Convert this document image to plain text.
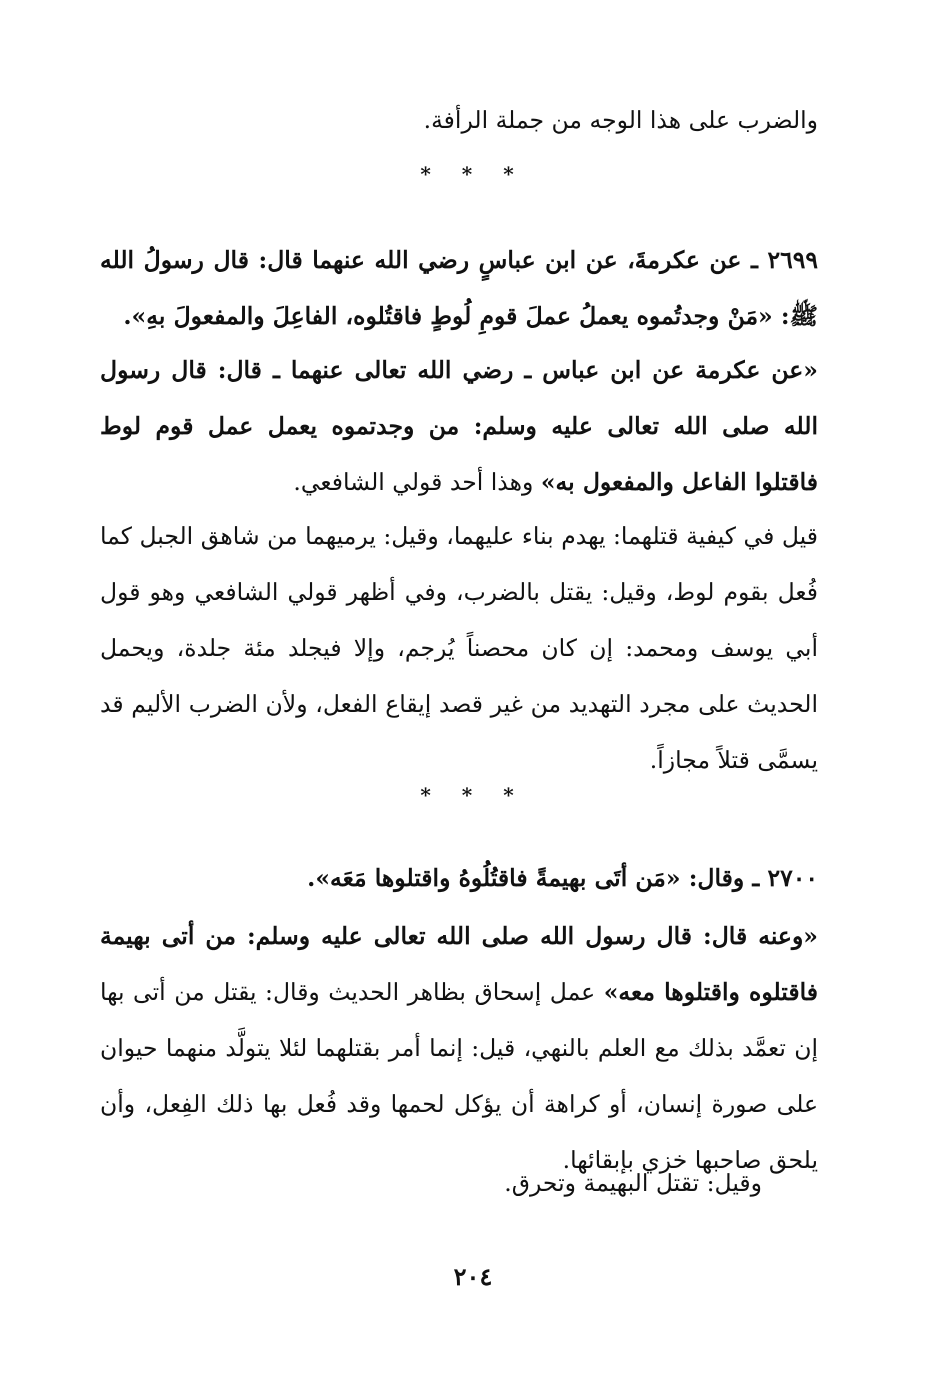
والضرب على هذا الوجه من جملة الرأفة.
* * *
٢٦٩٩ ـ عن عكرمةَ، عن ابن عباسٍ رضي الله عنهما قال: قال رسولُ الله ﷺ: «مَنْ وجدتُموه يعملُ عملَ قومِ لُوطٍ فاقتُلوه، الفاعِلَ والمفعولَ بهِ».
«عن عكرمة عن ابن عباس ـ رضي الله تعالى عنهما ـ قال: قال رسول الله صلى الله تعالى عليه وسلم: من وجدتموه يعمل عمل قوم لوط فاقتلوا الفاعل والمفعول به» وهذا أحد قولي الشافعي.
قيل في كيفية قتلهما: يهدم بناء عليهما، وقيل: يرميهما من شاهق الجبل كما فُعل بقوم لوط، وقيل: يقتل بالضرب، وفي أظهر قولي الشافعي وهو قول أبي يوسف ومحمد: إن كان محصناً يُرجم، وإلا فيجلد مئة جلدة، ويحمل الحديث على مجرد التهديد من غير قصد إيقاع الفعل، ولأن الضرب الأليم قد يسمَّى قتلاً مجازاً.
* * *
٢٧٠٠ ـ وقال: «مَن أتَى بهيمةً فاقتُلُوهُ واقتلوها مَعَه».
«وعنه قال: قال رسول الله صلى الله تعالى عليه وسلم: من أتى بهيمة فاقتلوه واقتلوها معه» عمل إسحاق بظاهر الحديث وقال: يقتل من أتى بها إن تعمَّد بذلك مع العلم بالنهي، قيل: إنما أمر بقتلهما لئلا يتولَّد منهما حيوان على صورة إنسان، أو كراهة أن يؤكل لحمها وقد فُعل بها ذلك الفِعل، وأن يلحق صاحبها خزي بإبقائها.
وقيل: تقتل البهيمة وتحرق.
٢٠٤
